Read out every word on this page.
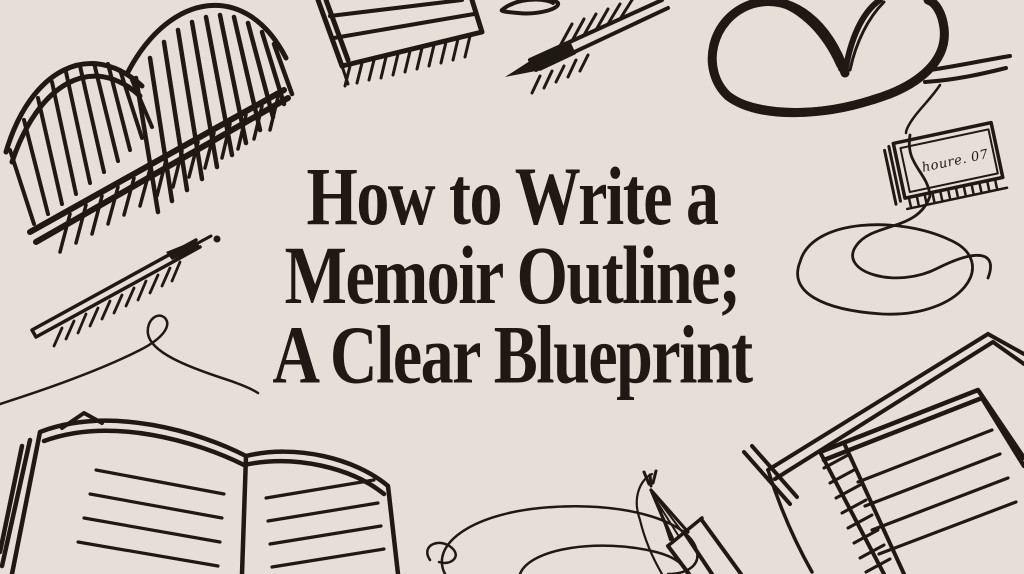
houre. 07
How to Write a
Memoir Outline;
A Clear Blueprint
